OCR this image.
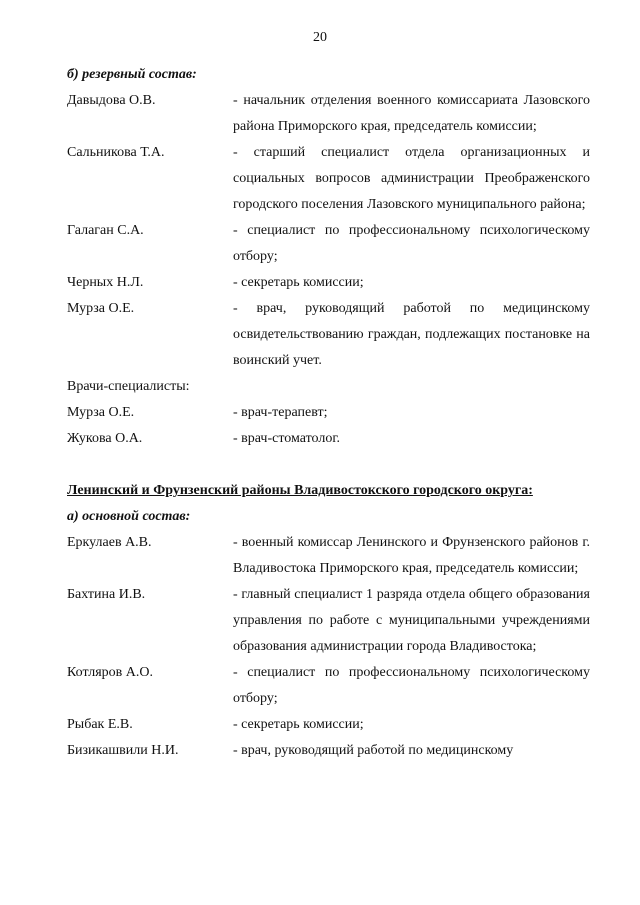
20
б) резервный состав:
Давыдова О.В.	- начальник отделения военного комиссариата Лазовского района Приморского края, председатель комиссии;
Сальникова Т.А.	- старший специалист отдела организационных и социальных вопросов администрации Преображенского городского поселения Лазовского муниципального района;
Галаган С.А.	- специалист по профессиональному психологическому отбору;
Черных Н.Л.	- секретарь комиссии;
Мурза О.Е.	- врач, руководящий работой по медицинскому освидетельствованию граждан, подлежащих постановке на воинский учет.
Врачи-специалисты:
Мурза О.Е.	- врач-терапевт;
Жукова О.А.	- врач-стоматолог.
Ленинский и Фрунзенский районы Владивостокского городского округа:
а) основной состав:
Еркулаев А.В.	- военный комиссар Ленинского и Фрунзенского районов г. Владивостока Приморского края, председатель комиссии;
Бахтина И.В.	- главный специалист 1 разряда отдела общего образования управления по работе с муниципальными учреждениями образования администрации города Владивостока;
Котляров А.О.	- специалист по профессиональному психологическому отбору;
Рыбак Е.В.	- секретарь комиссии;
Бизикашвили Н.И.	- врач, руководящий работой по медицинскому
